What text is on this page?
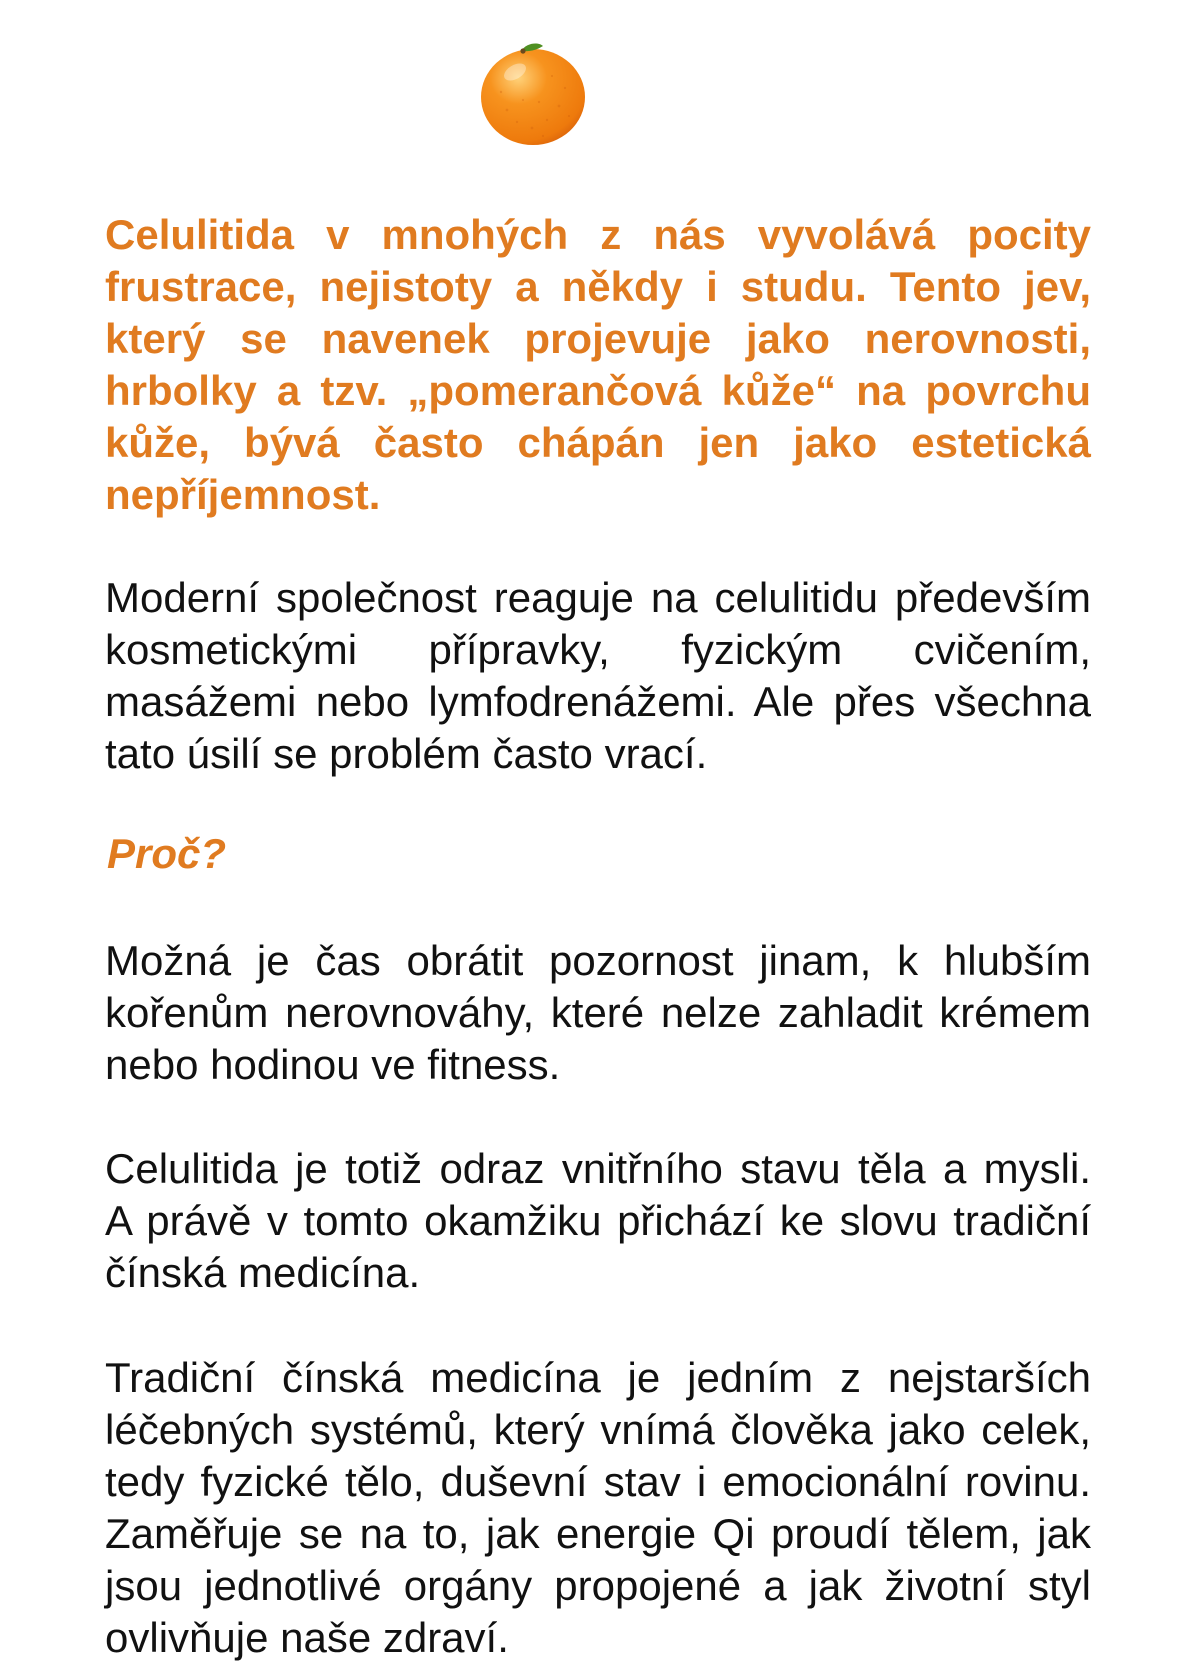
Celulitida v mnohých z nás vyvolává pocity
frustrace, nejistoty a někdy i studu. Tento jev,
který se navenek projevuje jako nerovnosti,
hrbolky a tzv. „pomerančová kůže“ na povrchu
kůže, bývá často chápán jen jako estetická
nepříjemnost.
Moderní společnost reaguje na celulitidu především
kosmetickými přípravky, fyzickým cvičením,
masážemi nebo lymfodrenážemi. Ale přes všechna
tato úsilí se problém často vrací.
Proč?
Možná je čas obrátit pozornost jinam, k hlubším
kořenům nerovnováhy, které nelze zahladit krémem
nebo hodinou ve fitness.
Celulitida je totiž odraz vnitřního stavu těla a mysli.
A právě v tomto okamžiku přichází ke slovu tradiční
čínská medicína.
Tradiční čínská medicína je jedním z nejstarších
léčebných systémů, který vnímá člověka jako celek,
tedy fyzické tělo, duševní stav i emocionální rovinu.
Zaměřuje se na to, jak energie Qi proudí tělem, jak
jsou jednotlivé orgány propojené a jak životní styl
ovlivňuje naše zdraví.
